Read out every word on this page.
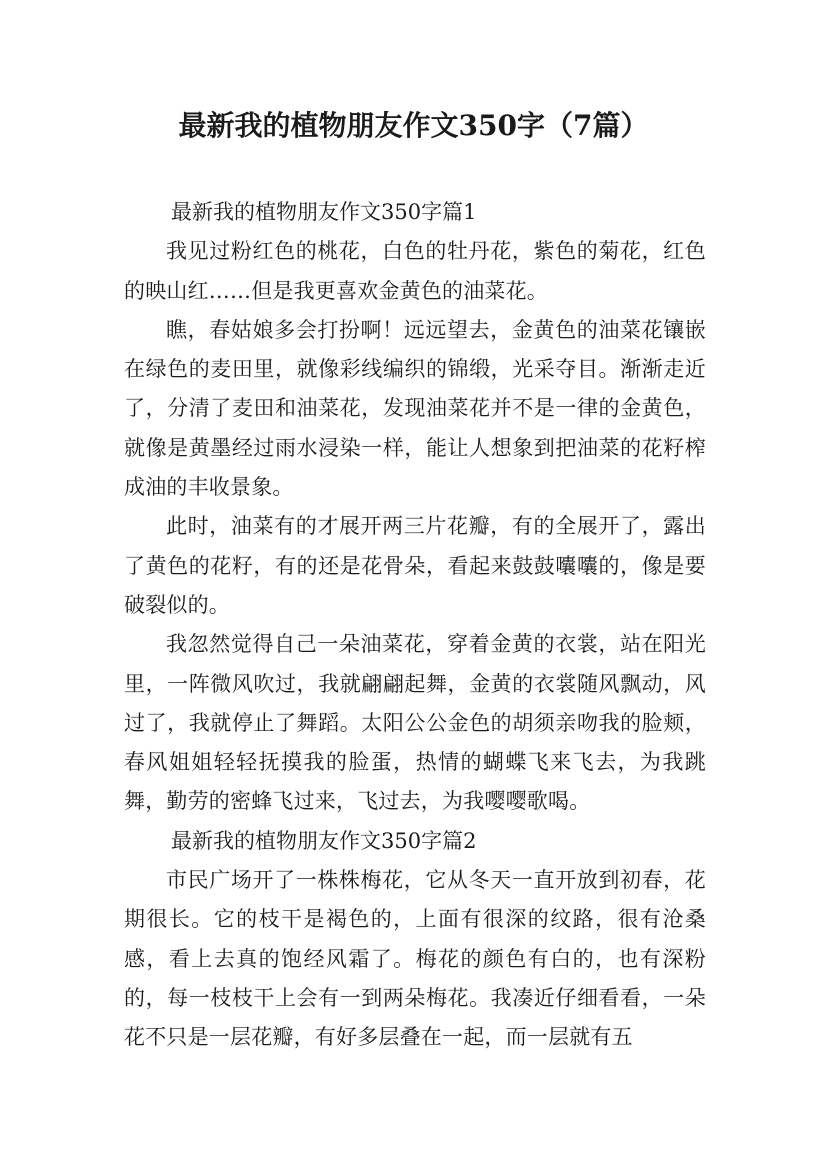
最新我的植物朋友作文350字（7篇）

最新我的植物朋友作文350字篇1

我见过粉红色的桃花，白色的牡丹花，紫色的菊花，红色的映山红……但是我更喜欢金黄色的油菜花。

瞧，春姑娘多会打扮啊！远远望去，金黄色的油菜花镶嵌在绿色的麦田里，就像彩线编织的锦缎，光采夺目。渐渐走近了，分清了麦田和油菜花，发现油菜花并不是一律的金黄色，就像是黄墨经过雨水浸染一样，能让人想象到把油菜的花籽榨成油的丰收景象。

此时，油菜有的才展开两三片花瓣，有的全展开了，露出了黄色的花籽，有的还是花骨朵，看起来鼓鼓囔囔的，像是要破裂似的。

我忽然觉得自己一朵油菜花，穿着金黄的衣裳，站在阳光里，一阵微风吹过，我就翩翩起舞，金黄的衣裳随风飘动，风过了，我就停止了舞蹈。太阳公公金色的胡须亲吻我的脸颊，春风姐姐轻轻抚摸我的脸蛋，热情的蝴蝶飞来飞去，为我跳舞，勤劳的密蜂飞过来，飞过去，为我嘤嘤歌喝。

最新我的植物朋友作文350字篇2

市民广场开了一株株梅花，它从冬天一直开放到初春，花期很长。它的枝干是褐色的，上面有很深的纹路，很有沧桑感，看上去真的饱经风霜了。梅花的颜色有白的，也有深粉的，每一枝枝干上会有一到两朵梅花。我凑近仔细看看，一朵花不只是一层花瓣，有好多层叠在一起，而一层就有五
